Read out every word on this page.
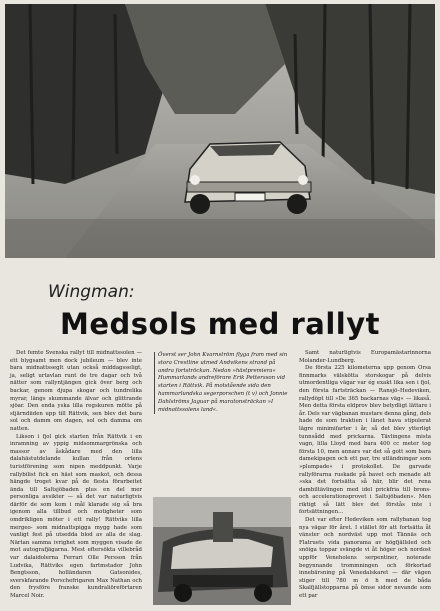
Wingman:
Medsols med rallyt

Det femte Svenska rallyt till midnattssolen — ett blygsamt men dock jubileum — blev inte bara midnattsseglt utan också middagsseligt, ja, seligt urtavlan runt de tre dagar och två nätter som rallyntjängen gick över berg och backar, genom djupa skogar och tundrelika myrar, längs skummande älvar och glittrande sjöar. Den enda yska lilla regskuren mötte på stjärndiiden upp till Rättvik, sen blev det bara sol och damm om dagen, sol och damma om natten.

Likson i fjol gick starten från Rättvik i en inramning av yppig midsommargrönska och massor av åskådare med den lilla dalahästutdelande kullan från ortens turistförening som nipen meddpunkt. Varje rallybilist fick en häst som maskot, och dessa hängde troget kvar på de flesta förarbeitet ända till Saltsjöbaden plus en del mer personliga avsikter — så det var naturligtvis därför de som kom i mål klarade sig så bra igenom alla tillbud och motigheter som omdrikligen möter i ett rally! Rättviks lilla mergeo- som midnattspigga mygg hade som vanligt fest på utsedda blod av alla de slag. Närtan samma ivrighet som myggen visade de mot autografjägarna. Mest eftersökta villebråd var dalaidolerna Ferrari Olle Persson från Ludvika, Rättviks egen fartmstador John Bengtsson, holländaren Gatsonides, sverskfarande Porschefrigaren Max Nathan och den frysföre franske kundraliöreförtaren Marcel Noir.

Överst ser John Kvarnström flyga fram med sin stora Crestline utmed Andvikens strand på andra fortströckan. Nedan »hästpremiera« Hummarlands andreförare Erik Pettersson vid starten i Rättvik. På motstående sida den hammarlundska segerporschen (t v) och Jonnie Dahlströms Jaguar på maratonsträckan »I midnattssolens land«.

Samt naturligtvis Europamästarinnorna Molander-Lundberg.

De första 225 kilometerna upp genom Orsa finnmarks välskötta storskogar på delvis utmordentliga vägar var ég exakt lika sen i fjol, den första fartsträckan — Ransjö–Hedeviken, rallydöpt till »De 365 backarnas väg« — likaså. Men detta första eldprov blev betydligt lättare i år. Dels var vägbanan mustare denna gång, dels hade de som traktien i länet hava stipulerat lägre minimifarter i år, så det blev ytterligt tunnsådd med prickarna. Tävlingens mista vagn, lilla Lloyd med bara 400 cc meter tog första 10, men annars var det så gott som bara damekipagen och ett par, tre utländningar som »plumpade« i protokollet. De garvade rallyförarna ruskade på bavet och menade att »ska det fortsätta så här, blir det rena dambiltävlingen med idel prickfria till brons- och accelerationsprovet i Saltsjöbaden«. Men riktigt så lätt blev det förstås inte i fortsättningen…

Det var efter Hedeviken som rallybanan tog nya vägar för året. I stället för att fortsätta åt vänster och nordväst upp mot Tännäs och Flatruets vida panorama av högfjällsled och snöiga toppar svängde vi åt höger och nordost uppför Veneholens serpentiner, noterade begynnande trommningen och förkortad innebärsning på Venedalskaret — där vägen stiger till 780 m ö h med de båda Skalfjällstopparna på ömse sidor nevande som ett par
